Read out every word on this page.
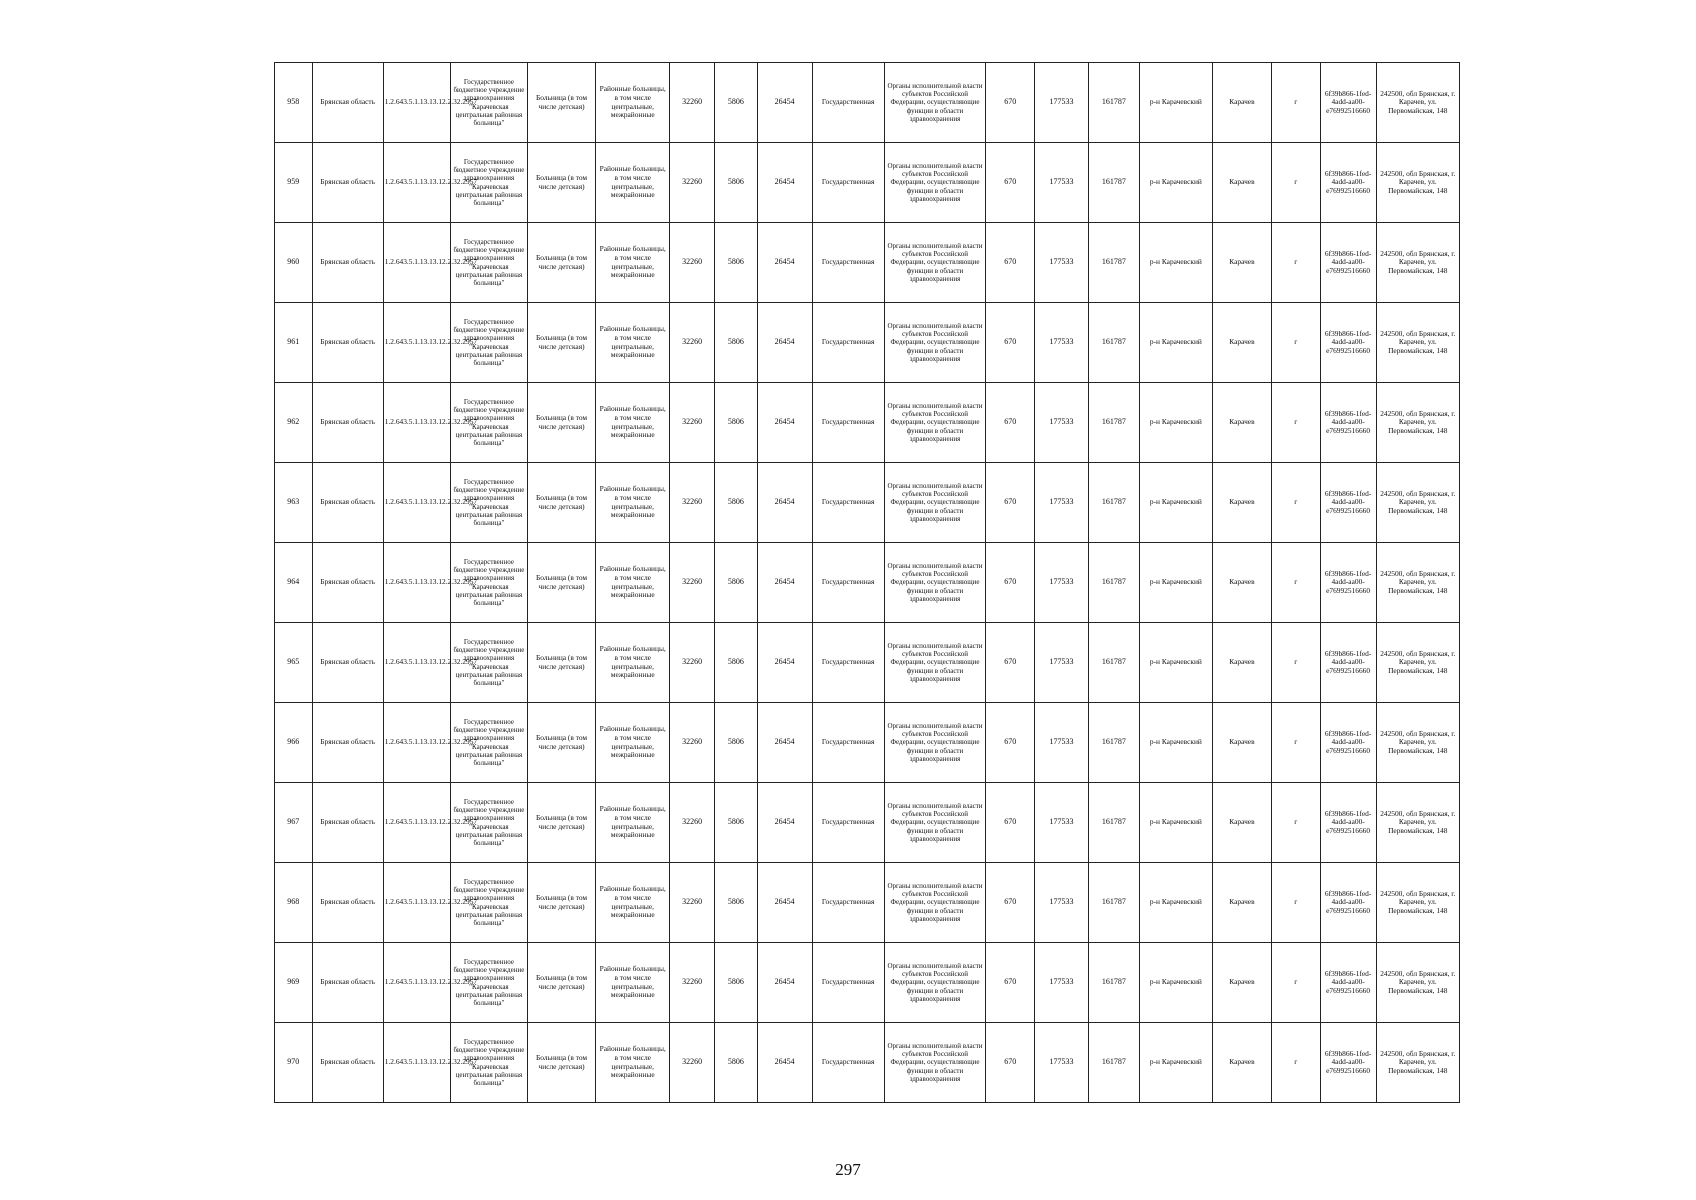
958	Брянская область	1.2.643.5.1.13.13.12.2.32.2957	Государственное бюджетное учреждение здравоохранения "Карачевская центральная районная больница"	Больница (в том числе детская)	Районные больницы, в том числе центральные, межрайонные	32260	5806	26454	Государственная	Органы исполнительной власти субъектов Российской Федерации, осуществляющие функции в области здравоохранения	670	177533	161787	р-н Карачевский	Карачев	г	6f39b866-1fed-4add-aa00-e76992516660	242500, обл Брянская, г. Карачев, ул. Первомайская, 148
959	Брянская область	1.2.643.5.1.13.13.12.2.32.2957	Государственное бюджетное учреждение здравоохранения "Карачевская центральная районная больница"	Больница (в том числе детская)	Районные больницы, в том числе центральные, межрайонные	32260	5806	26454	Государственная	Органы исполнительной власти субъектов Российской Федерации, осуществляющие функции в области здравоохранения	670	177533	161787	р-н Карачевский	Карачев	г	6f39b866-1fed-4add-aa00-e76992516660	242500, обл Брянская, г. Карачев, ул. Первомайская, 148
960	Брянская область	1.2.643.5.1.13.13.12.2.32.2957	Государственное бюджетное учреждение здравоохранения "Карачевская центральная районная больница"	Больница (в том числе детская)	Районные больницы, в том числе центральные, межрайонные	32260	5806	26454	Государственная	Органы исполнительной власти субъектов Российской Федерации, осуществляющие функции в области здравоохранения	670	177533	161787	р-н Карачевский	Карачев	г	6f39b866-1fed-4add-aa00-e76992516660	242500, обл Брянская, г. Карачев, ул. Первомайская, 148
961	Брянская область	1.2.643.5.1.13.13.12.2.32.2957	Государственное бюджетное учреждение здравоохранения "Карачевская центральная районная больница"	Больница (в том числе детская)	Районные больницы, в том числе центральные, межрайонные	32260	5806	26454	Государственная	Органы исполнительной власти субъектов Российской Федерации, осуществляющие функции в области здравоохранения	670	177533	161787	р-н Карачевский	Карачев	г	6f39b866-1fed-4add-aa00-e76992516660	242500, обл Брянская, г. Карачев, ул. Первомайская, 148
962	Брянская область	1.2.643.5.1.13.13.12.2.32.2957	Государственное бюджетное учреждение здравоохранения "Карачевская центральная районная больница"	Больница (в том числе детская)	Районные больницы, в том числе центральные, межрайонные	32260	5806	26454	Государственная	Органы исполнительной власти субъектов Российской Федерации, осуществляющие функции в области здравоохранения	670	177533	161787	р-н Карачевский	Карачев	г	6f39b866-1fed-4add-aa00-e76992516660	242500, обл Брянская, г. Карачев, ул. Первомайская, 148
963	Брянская область	1.2.643.5.1.13.13.12.2.32.2957	Государственное бюджетное учреждение здравоохранения "Карачевская центральная районная больница"	Больница (в том числе детская)	Районные больницы, в том числе центральные, межрайонные	32260	5806	26454	Государственная	Органы исполнительной власти субъектов Российской Федерации, осуществляющие функции в области здравоохранения	670	177533	161787	р-н Карачевский	Карачев	г	6f39b866-1fed-4add-aa00-e76992516660	242500, обл Брянская, г. Карачев, ул. Первомайская, 148
964	Брянская область	1.2.643.5.1.13.13.12.2.32.2957	Государственное бюджетное учреждение здравоохранения "Карачевская центральная районная больница"	Больница (в том числе детская)	Районные больницы, в том числе центральные, межрайонные	32260	5806	26454	Государственная	Органы исполнительной власти субъектов Российской Федерации, осуществляющие функции в области здравоохранения	670	177533	161787	р-н Карачевский	Карачев	г	6f39b866-1fed-4add-aa00-e76992516660	242500, обл Брянская, г. Карачев, ул. Первомайская, 148
965	Брянская область	1.2.643.5.1.13.13.12.2.32.2957	Государственное бюджетное учреждение здравоохранения "Карачевская центральная районная больница"	Больница (в том числе детская)	Районные больницы, в том числе центральные, межрайонные	32260	5806	26454	Государственная	Органы исполнительной власти субъектов Российской Федерации, осуществляющие функции в области здравоохранения	670	177533	161787	р-н Карачевский	Карачев	г	6f39b866-1fed-4add-aa00-e76992516660	242500, обл Брянская, г. Карачев, ул. Первомайская, 148
966	Брянская область	1.2.643.5.1.13.13.12.2.32.2957	Государственное бюджетное учреждение здравоохранения "Карачевская центральная районная больница"	Больница (в том числе детская)	Районные больницы, в том числе центральные, межрайонные	32260	5806	26454	Государственная	Органы исполнительной власти субъектов Российской Федерации, осуществляющие функции в области здравоохранения	670	177533	161787	р-н Карачевский	Карачев	г	6f39b866-1fed-4add-aa00-e76992516660	242500, обл Брянская, г. Карачев, ул. Первомайская, 148
967	Брянская область	1.2.643.5.1.13.13.12.2.32.2957	Государственное бюджетное учреждение здравоохранения "Карачевская центральная районная больница"	Больница (в том числе детская)	Районные больницы, в том числе центральные, межрайонные	32260	5806	26454	Государственная	Органы исполнительной власти субъектов Российской Федерации, осуществляющие функции в области здравоохранения	670	177533	161787	р-н Карачевский	Карачев	г	6f39b866-1fed-4add-aa00-e76992516660	242500, обл Брянская, г. Карачев, ул. Первомайская, 148
968	Брянская область	1.2.643.5.1.13.13.12.2.32.2957	Государственное бюджетное учреждение здравоохранения "Карачевская центральная районная больница"	Больница (в том числе детская)	Районные больницы, в том числе центральные, межрайонные	32260	5806	26454	Государственная	Органы исполнительной власти субъектов Российской Федерации, осуществляющие функции в области здравоохранения	670	177533	161787	р-н Карачевский	Карачев	г	6f39b866-1fed-4add-aa00-e76992516660	242500, обл Брянская, г. Карачев, ул. Первомайская, 148
969	Брянская область	1.2.643.5.1.13.13.12.2.32.2957	Государственное бюджетное учреждение здравоохранения "Карачевская центральная районная больница"	Больница (в том числе детская)	Районные больницы, в том числе центральные, межрайонные	32260	5806	26454	Государственная	Органы исполнительной власти субъектов Российской Федерации, осуществляющие функции в области здравоохранения	670	177533	161787	р-н Карачевский	Карачев	г	6f39b866-1fed-4add-aa00-e76992516660	242500, обл Брянская, г. Карачев, ул. Первомайская, 148
970	Брянская область	1.2.643.5.1.13.13.12.2.32.2957	Государственное бюджетное учреждение здравоохранения "Карачевская центральная районная больница"	Больница (в том числе детская)	Районные больницы, в том числе центральные, межрайонные	32260	5806	26454	Государственная	Органы исполнительной власти субъектов Российской Федерации, осуществляющие функции в области здравоохранения	670	177533	161787	р-н Карачевский	Карачев	г	6f39b866-1fed-4add-aa00-e76992516660	242500, обл Брянская, г. Карачев, ул. Первомайская, 148
297
